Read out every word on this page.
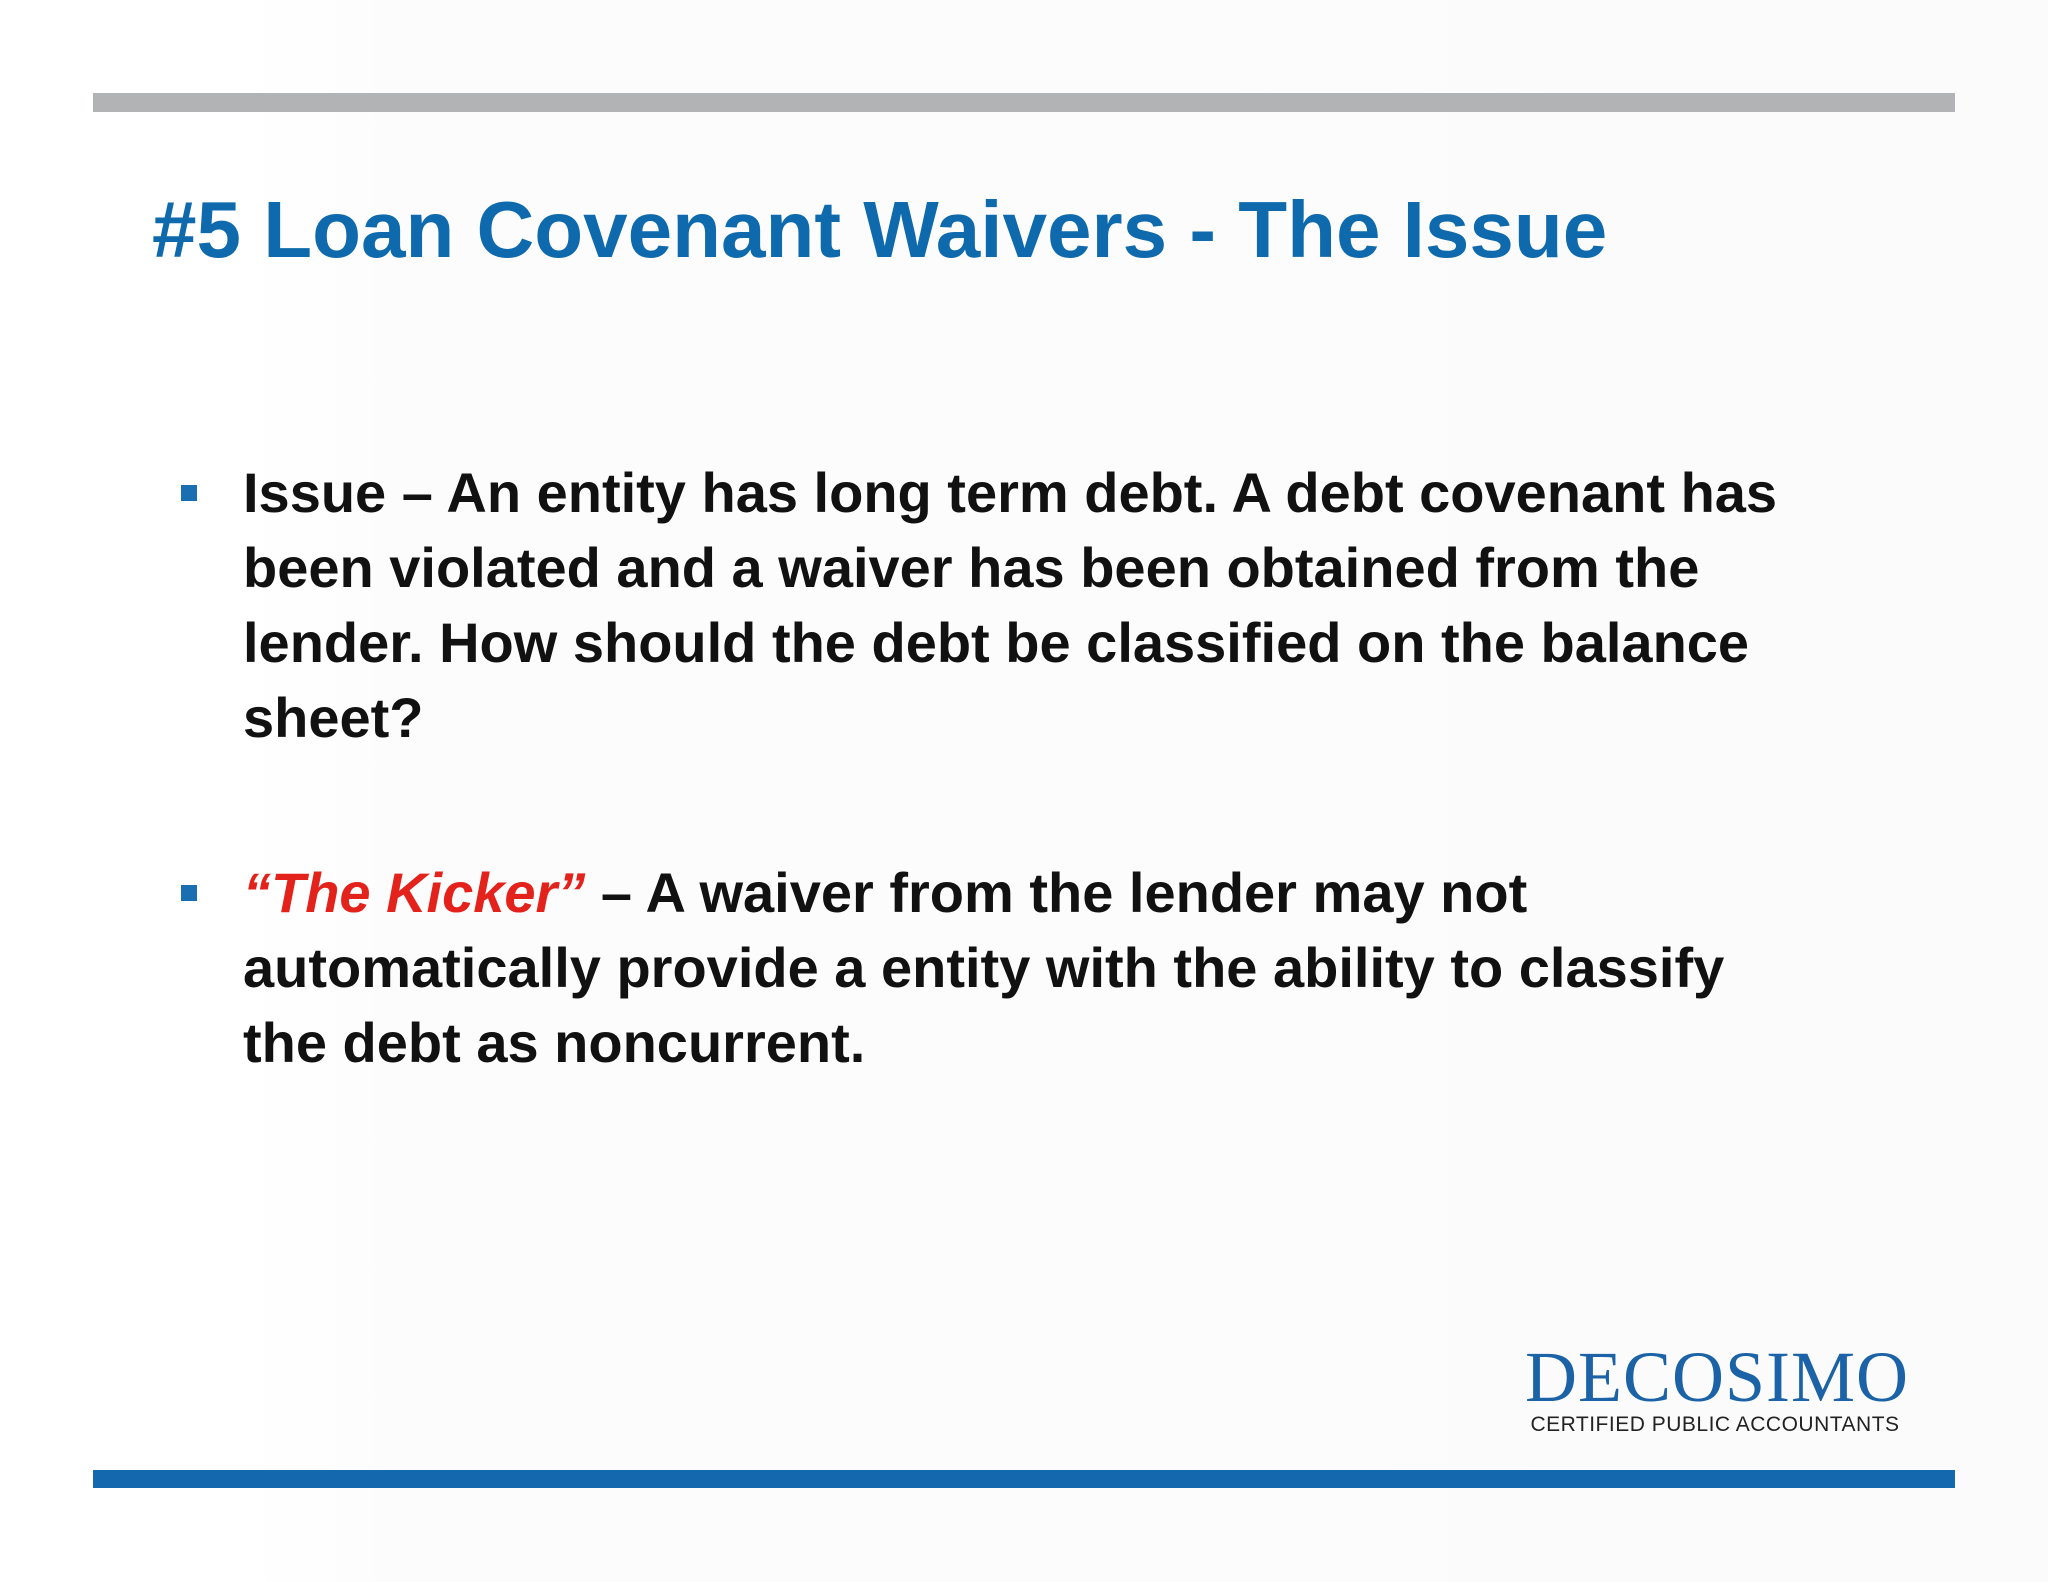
#5 Loan Covenant Waivers - The Issue
Issue – An entity has long term debt. A debt covenant has been violated and a waiver has been obtained from the lender. How should the debt be classified on the balance sheet?
“The Kicker” – A waiver from the lender may not automatically provide a entity with the ability to classify the debt as noncurrent.
DECOSIMO
CERTIFIED PUBLIC ACCOUNTANTS
